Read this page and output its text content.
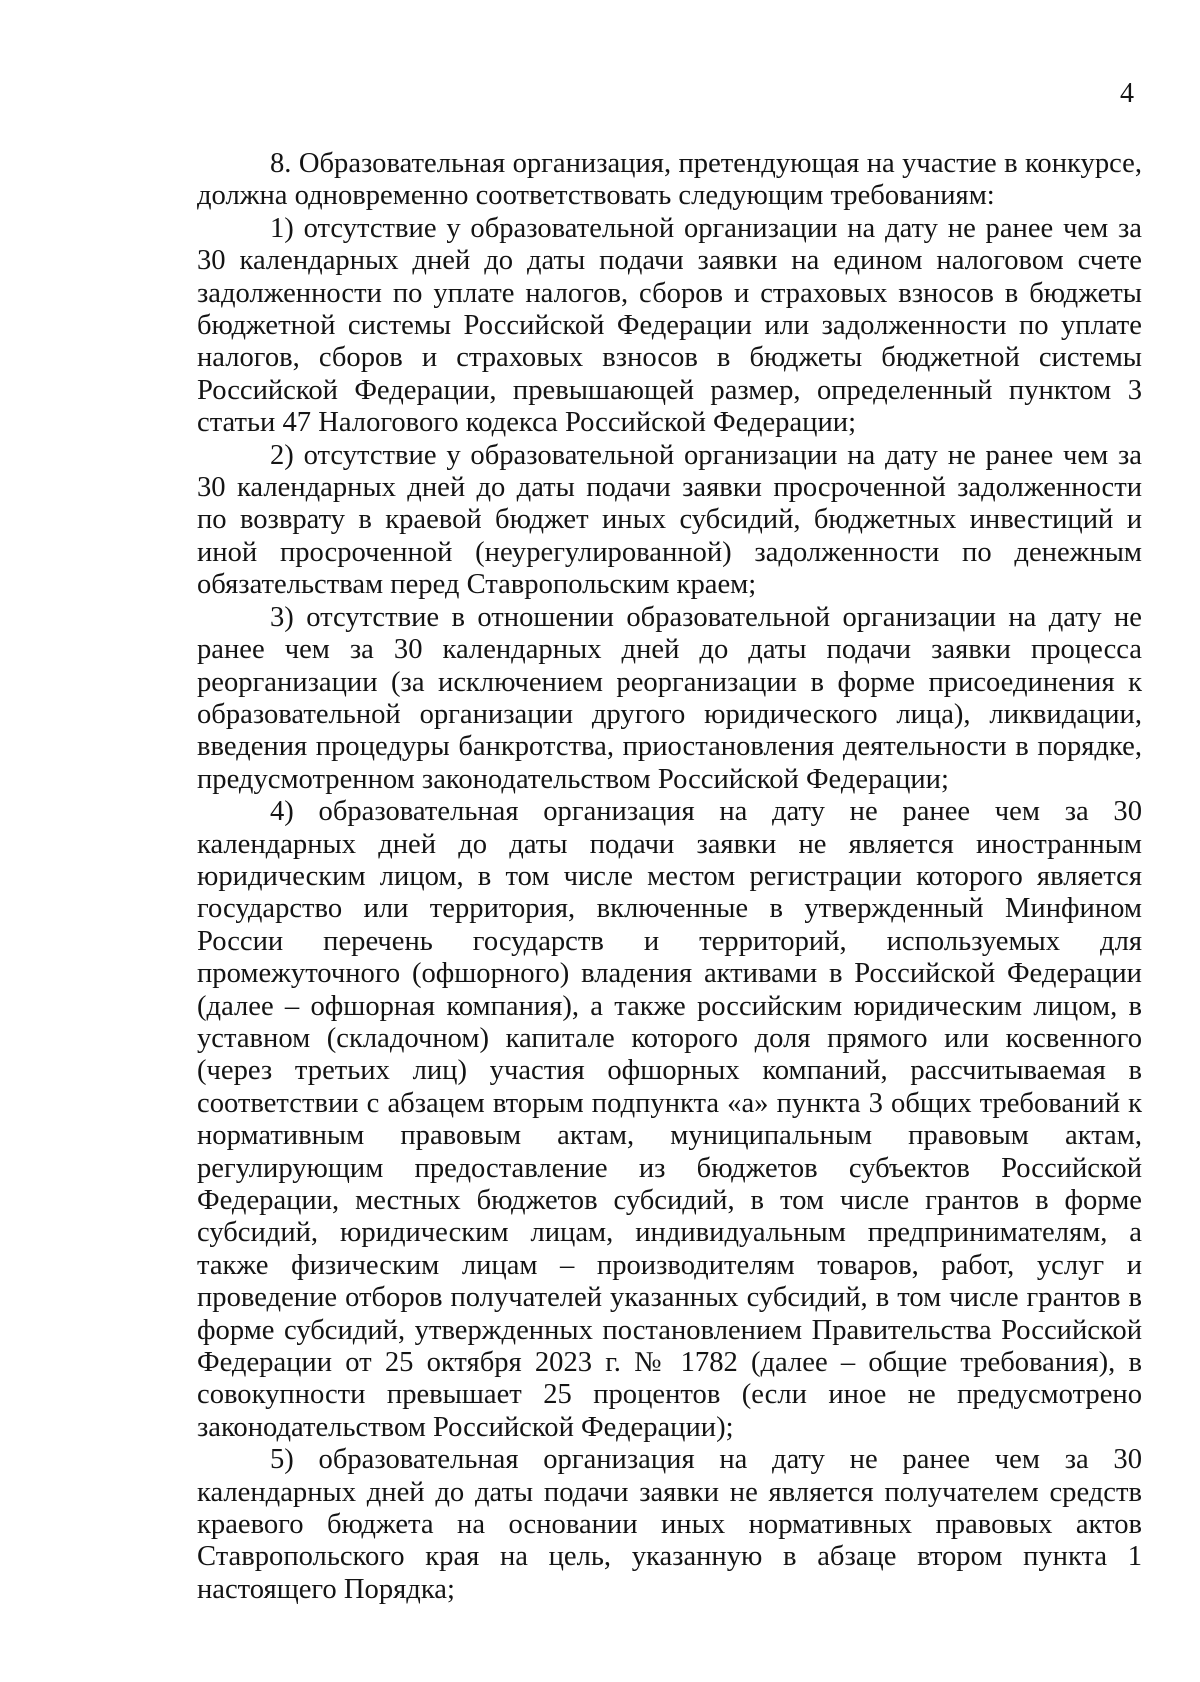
4

8. Образовательная организация, претендующая на участие в конкурсе, должна одновременно соответствовать следующим требованиям:

1) отсутствие у образовательной организации на дату не ранее чем за 30 календарных дней до даты подачи заявки на едином налоговом счете задолженности по уплате налогов, сборов и страховых взносов в бюджеты бюджетной системы Российской Федерации или задолженности по уплате налогов, сборов и страховых взносов в бюджеты бюджетной системы Российской Федерации, превышающей размер, определенный пунктом 3 статьи 47 Налогового кодекса Российской Федерации;

2) отсутствие у образовательной организации на дату не ранее чем за 30 календарных дней до даты подачи заявки просроченной задолженности по возврату в краевой бюджет иных субсидий, бюджетных инвестиций и иной просроченной (неурегулированной) задолженности по денежным обязательствам перед Ставропольским краем;

3) отсутствие в отношении образовательной организации на дату не ранее чем за 30 календарных дней до даты подачи заявки процесса реорганизации (за исключением реорганизации в форме присоединения к образовательной организации другого юридического лица), ликвидации, введения процедуры банкротства, приостановления деятельности в порядке, предусмотренном законодательством Российской Федерации;

4) образовательная организация на дату не ранее чем за 30 календарных дней до даты подачи заявки не является иностранным юридическим лицом, в том числе местом регистрации которого является государство или территория, включенные в утвержденный Минфином России перечень государств и территорий, используемых для промежуточного (офшорного) владения активами в Российской Федерации (далее – офшорная компания), а также российским юридическим лицом, в уставном (складочном) капитале которого доля прямого или косвенного (через третьих лиц) участия офшорных компаний, рассчитываемая в соответствии с абзацем вторым подпункта «а» пункта 3 общих требований к нормативным правовым актам, муниципальным правовым актам, регулирующим предоставление из бюджетов субъектов Российской Федерации, местных бюджетов субсидий, в том числе грантов в форме субсидий, юридическим лицам, индивидуальным предпринимателям, а также физическим лицам – производителям товаров, работ, услуг и проведение отборов получателей указанных субсидий, в том числе грантов в форме субсидий, утвержденных постановлением Правительства Российской Федерации от 25 октября 2023 г. № 1782 (далее – общие требования), в совокупности превышает 25 процентов (если иное не предусмотрено законодательством Российской Федерации);

5) образовательная организация на дату не ранее чем за 30 календарных дней до даты подачи заявки не является получателем средств краевого бюджета на основании иных нормативных правовых актов Ставропольского края на цель, указанную в абзаце втором пункта 1 настоящего Порядка;
